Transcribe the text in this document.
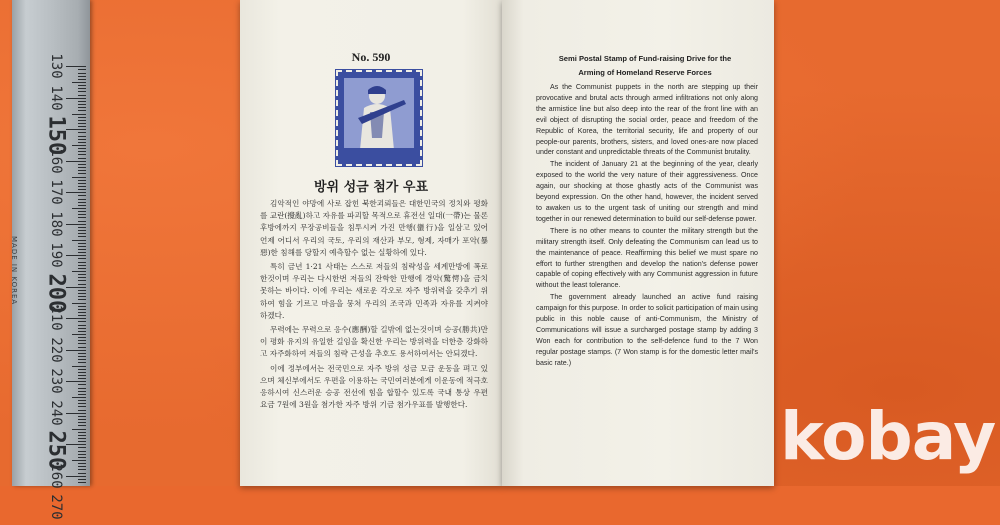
MADE IN KOREA
130
140
150
160
170
180
190
200
210
220
230
240
250
260
270
No. 590
방위 성금 첨가 우표

김악적인 야망에 사로 잡힌 북한괴뢰들은 대한민국의 정치와 평화를 교란(攪亂)하고 자유를 파괴할 목적으로 휴전선 일대(一帶)는 물론 후방에까지 무장공비들을 침투시켜 가진 만행(蠻行)을 일삼고 있어 언제 어디서 우리의 국토, 우리의 재산과 부모, 형제, 자매가 포악(暴惡)한 침해를 당할지 예측할수 없는 실황하에 있다.

특히 금년 1·21 사태는 스스로 저들의 침략성을 세계만방에 폭로한것이며 우리는 다시한번 저들의 잔학한 만행에 경악(驚愕)을 금치 못하는 바이다. 이에 우리는 새로운 각오로 자주 방위력을 갖추기 위하여 힘을 기르고 마음을 뭉쳐 우리의 조국과 민족과 자유를 지켜야 하겠다.

무력에는 무력으로 응수(應酬)할 길밖에 없는것이며 승공(勝共)만이 평화 유지의 유일한 길임을 확신한 우리는 방위력을 더한층 강화하고 자주화하여 저들의 침략 근성을 추호도 용서하여서는 안되겠다.

이에 정부에서는 전국민으로 자주 방위 성금 모금 운동을 펴고 있으며 체신부에서도 우편을 이용하는 국민여러분에게 이운동에 적극호응하시여 신스러운 승공 전선에 힘을 합할수 있도록 국내 통상 우편 요금 7원에 3원을 첨가한 자주 방위 기금 첨가우표를 발행한다.

Semi Postal Stamp of Fund-raising Drive for the
Arming of Homeland Reserve Forces

As the Communist puppets in the north are stepping up their provocative and brutal acts through armed infiltrations not only along the armistice line but also deep into the rear of the front line with an evil object of disrupting the social order, peace and freedom of the Republic of Korea, the territorial security, life and property of our people-our parents, brothers, sisters, and loved ones-are now placed under constant and unpredictable threats of the Communist brutality.

The incident of January 21 at the beginning of the year, clearly exposed to the world the very nature of their aggressiveness. Once again, our shocking at those ghastly acts of the Communist was beyond expression. On the other hand, however, the incident served to awaken us to the urgent task of uniting our strength and mind together in our renewed determination to build our self-defense power.

There is no other means to counter the military strength but the military strength itself. Only defeating the Communism can lead us to the maintenance of peace. Reaffirming this belief we must spare no effort to further strengthen and develop the nation's defense power capable of coping effectively with any Communist aggression in future without the least tolerance.

The government already launched an active fund raising campaign for this purpose. In order to solicit participation of main using public in this noble cause of anti-Communism, the Ministry of Communications will issue a surcharged postage stamp by adding 3 Won each for contribution to the self-defence fund to the 7 Won regular postage stamps. (7 Won stamp is for the domestic letter mail's basic rate.)

kobay
